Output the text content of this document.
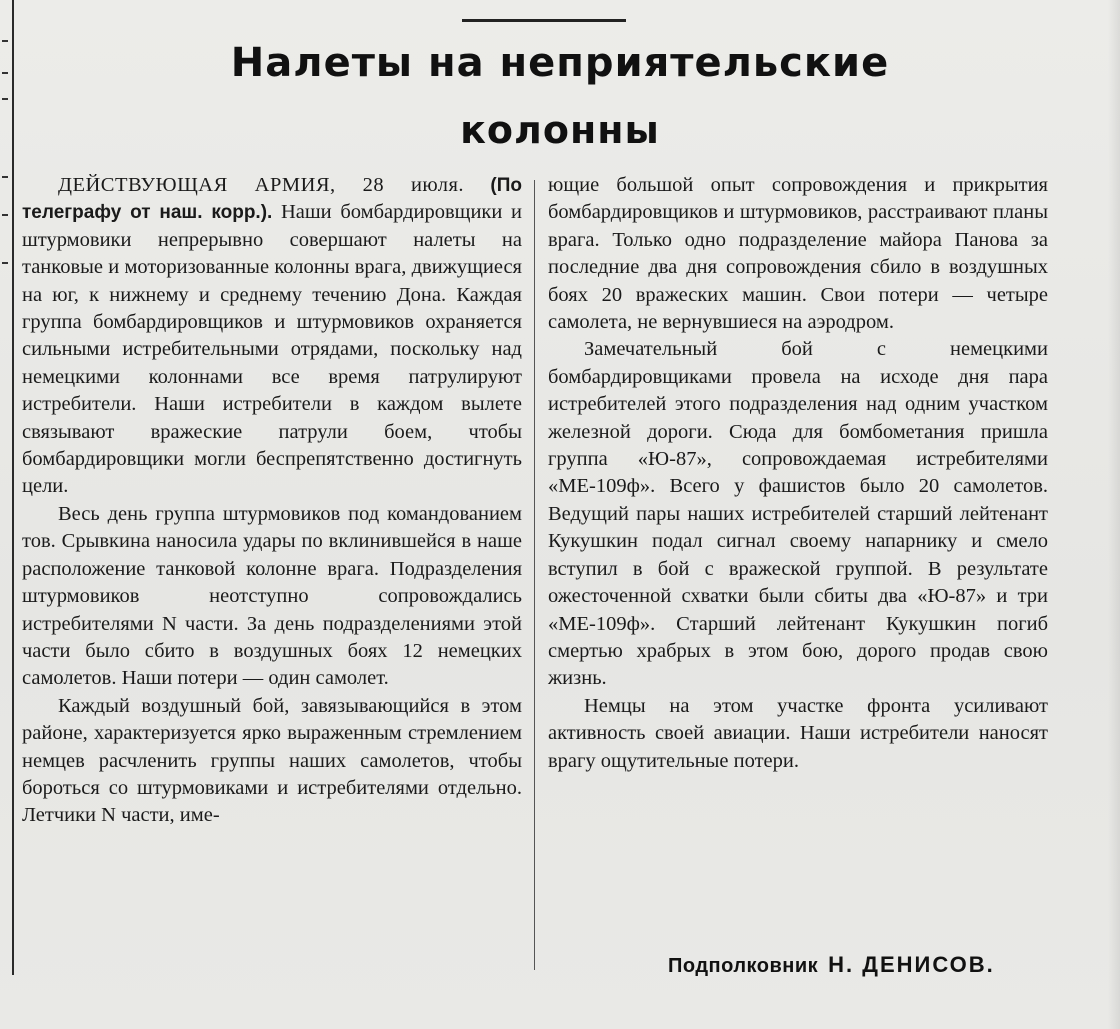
Налеты на неприятельские
колонны

ДЕЙСТВУЮЩАЯ АРМИЯ, 28 июля. (По телеграфу от наш. корр.). Наши бомбардировщики и штурмовики непрерывно совершают налеты на танковые и моторизованные колонны врага, движущиеся на юг, к нижнему и среднему течению Дона. Каждая группа бомбардировщиков и штурмовиков охраняется сильными истребительными отрядами, поскольку над немецкими колоннами все время патрулируют истребители. Наши истребители в каждом вылете связывают вражеские патрули боем, чтобы бомбардировщики могли беспрепятственно достигнуть цели.

Весь день группа штурмовиков под командованием тов. Срывкина наносила удары по вклинившейся в наше расположение танковой колонне врага. Подразделения штурмовиков неотступно сопровождались истребителями N части. За день подразделениями этой части было сбито в воздушных боях 12 немецких самолетов. Наши потери — один самолет.

Каждый воздушный бой, завязывающийся в этом районе, характеризуется ярко выраженным стремлением немцев расчленить группы наших самолетов, чтобы бороться со штурмовиками и истребителями отдельно. Летчики N части, име-

ющие большой опыт сопровождения и прикрытия бомбардировщиков и штурмовиков, расстраивают планы врага. Только одно подразделение майора Панова за последние два дня сопровождения сбило в воздушных боях 20 вражеских машин. Свои потери — четыре самолета, не вернувшиеся на аэродром.

Замечательный бой с немецкими бомбардировщиками провела на исходе дня пара истребителей этого подразделения над одним участком железной дороги. Сюда для бомбометания пришла группа «Ю-87», сопровождаемая истребителями «МЕ-109ф». Всего у фашистов было 20 самолетов. Ведущий пары наших истребителей старший лейтенант Кукушкин подал сигнал своему напарнику и смело вступил в бой с вражеской группой. В результате ожесточенной схватки были сбиты два «Ю-87» и три «МЕ-109ф». Старший лейтенант Кукушкин погиб смертью храбрых в этом бою, дорого продав свою жизнь.

Немцы на этом участке фронта усиливают активность своей авиации. Наши истребители наносят врагу ощутительные потери.

Подполковник Н. ДЕНИСОВ.
